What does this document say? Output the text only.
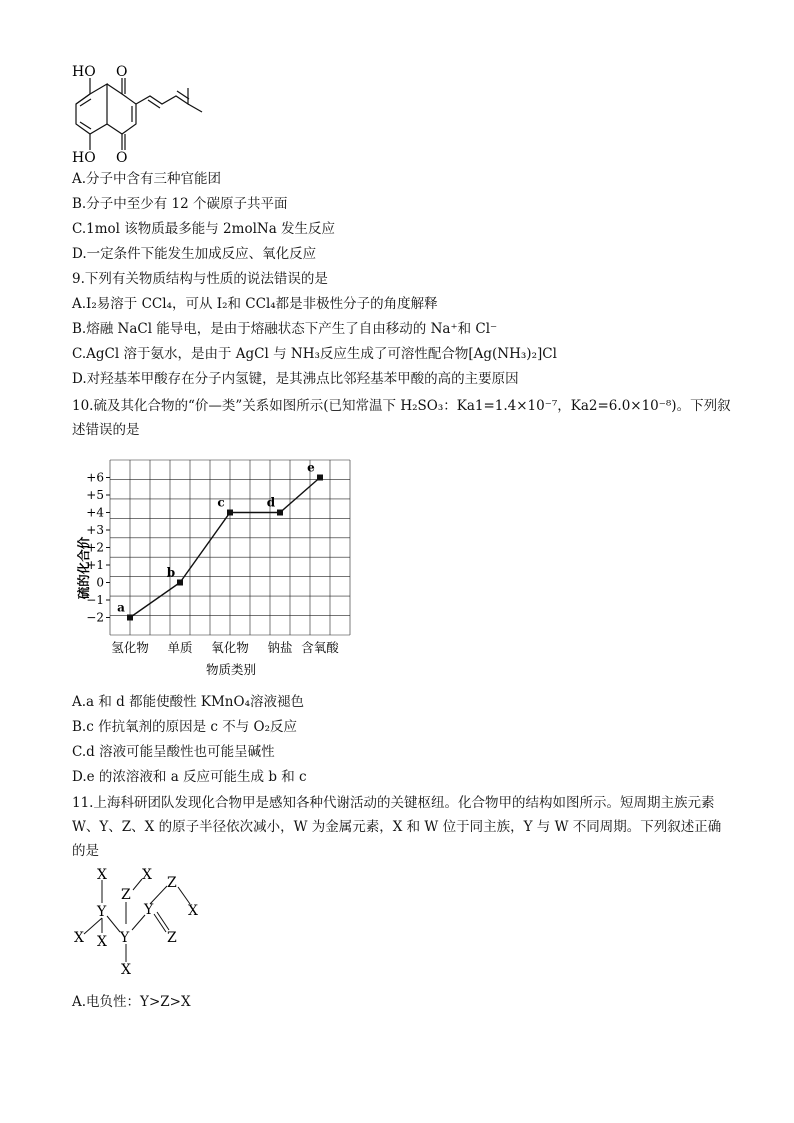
HO O
HO O
A.分子中含有三种官能团
B.分子中至少有 12 个碳原子共平面
C.1mol 该物质最多能与 2molNa 发生反应
D.一定条件下能发生加成反应、氧化反应
9.下列有关物质结构与性质的说法错误的是
A.I₂易溶于 CCl₄，可从 I₂和 CCl₄都是非极性分子的角度解释
B.熔融 NaCl 能导电，是由于熔融状态下产生了自由移动的 Na⁺和 Cl⁻
C.AgCl 溶于氨水，是由于 AgCl 与 NH₃反应生成了可溶性配合物[Ag(NH₃)₂]Cl
D.对羟基苯甲酸存在分子内氢键，是其沸点比邻羟基苯甲酸的高的主要原因
10.硫及其化合物的“价—类”关系如图所示(已知常温下 H₂SO₃：Ka1=1.4×10⁻⁷，Ka2=6.0×10⁻⁸)。下列叙述错误的是
+6
+5
+4
+3
+2
+1
0
−1
−2
氢化物 单质 氧化物 钠盐 含氧酸
a
b
c	d
e
硫的化合价
物质类别
A.a 和 d 都能使酸性 KMnO₄溶液褪色
B.c 作抗氧剂的原因是 c 不与 O₂反应
C.d 溶液可能呈酸性也可能呈碱性
D.e 的浓溶液和 a 反应可能生成 b 和 c
11.上海科研团队发现化合物甲是感知各种代谢活动的关键枢纽。化合物甲的结构如图所示。短周期主族元素 W、Y、Z、X 的原子半径依次减小，W 为金属元素，X 和 W 位于同主族，Y 与 W 不同周期。下列叙述正确的是
X	X Z
Z
Y	Y X
X X Y	Z
X
A.电负性：Y>Z>X
